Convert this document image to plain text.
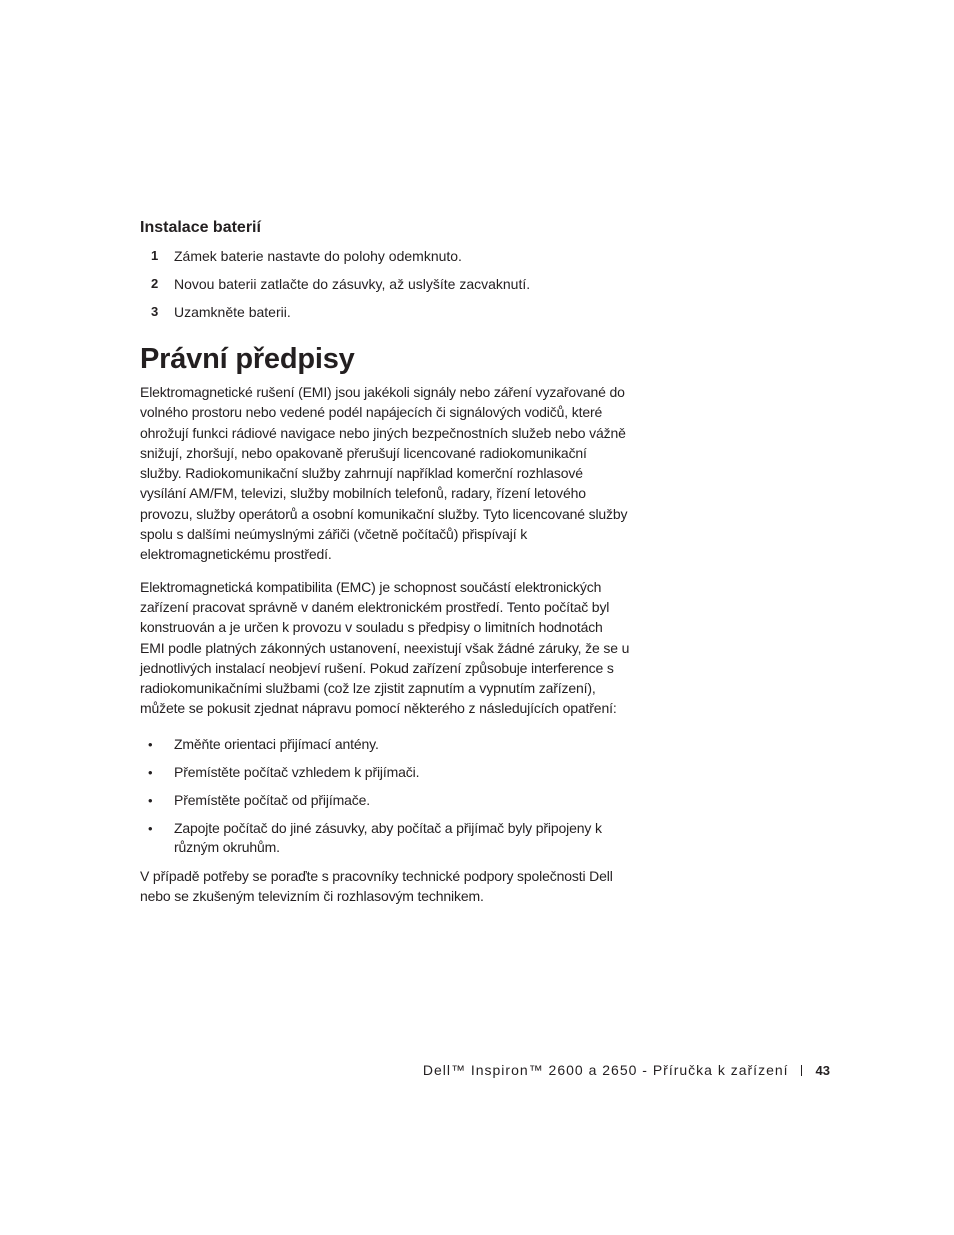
Instalace baterií
1 Zámek baterie nastavte do polohy odemknuto.
2 Novou baterii zatlačte do zásuvky, až uslyšíte zacvaknutí.
3 Uzamkněte baterii.
Právní předpisy

Elektromagnetické rušení (EMI) jsou jakékoli signály nebo záření vyzařované do volného prostoru nebo vedené podél napájecích či signálových vodičů, které ohrožují funkci rádiové navigace nebo jiných bezpečnostních služeb nebo vážně snižují, zhoršují, nebo opakovaně přerušují licencované radiokomunikační služby. Radiokomunikační služby zahrnují například komerční rozhlasové vysílání AM/FM, televizi, služby mobilních telefonů, radary, řízení letového provozu, služby operátorů a osobní komunikační služby. Tyto licencované služby spolu s dalšími neúmyslnými zářiči (včetně počítačů) přispívají k elektromagnetickému prostředí.

Elektromagnetická kompatibilita (EMC) je schopnost součástí elektronických zařízení pracovat správně v daném elektronickém prostředí. Tento počítač byl konstruován a je určen k provozu v souladu s předpisy o limitních hodnotách EMI podle platných zákonných ustanovení, neexistují však žádné záruky, že se u jednotlivých instalací neobjeví rušení. Pokud zařízení způsobuje interference s radiokomunikačními službami (což lze zjistit zapnutím a vypnutím zařízení), můžete se pokusit zjednat nápravu pomocí některého z následujících opatření:

• Změňte orientaci přijímací antény.
• Přemístěte počítač vzhledem k přijímači.
• Přemístěte počítač od přijímače.
• Zapojte počítač do jiné zásuvky, aby počítač a přijímač byly připojeny k různým okruhům.

V případě potřeby se poraďte s pracovníky technické podpory společnosti Dell nebo se zkušeným televizním či rozhlasovým technikem.

Dell™ Inspiron™ 2600 a 2650 - Příručka k zařízení 43
